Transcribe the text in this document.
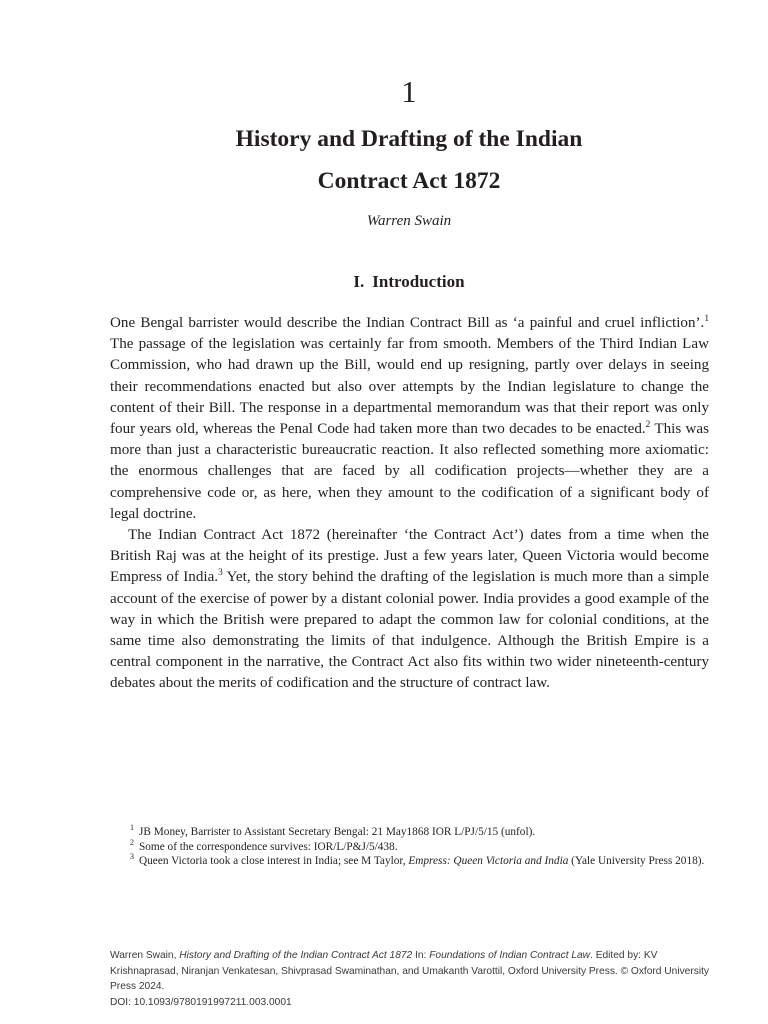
1
History and Drafting of the Indian
Contract Act 1872
Warren Swain
I. Introduction

One Bengal barrister would describe the Indian Contract Bill as ‘a painful and cruel infliction’.$^1$ The passage of the legislation was certainly far from smooth. Members of the Third Indian Law Commission, who had drawn up the Bill, would end up resigning, partly over delays in seeing their recommendations enacted but also over attempts by the Indian legislature to change the content of their Bill. The response in a departmental memorandum was that their report was only four years old, whereas the Penal Code had taken more than two decades to be enacted.$^2$ This was more than just a characteristic bureaucratic reaction. It also reflected something more axiomatic: the enormous challenges that are faced by all codification projects—whether they are a comprehensive code or, as here, when they amount to the codification of a significant body of legal doctrine.

The Indian Contract Act 1872 (hereinafter ‘the Contract Act’) dates from a time when the British Raj was at the height of its prestige. Just a few years later, Queen Victoria would become Empress of India.$^3$ Yet, the story behind the drafting of the legislation is much more than a simple account of the exercise of power by a distant colonial power. India provides a good example of the way in which the British were prepared to adapt the common law for colonial conditions, at the same time also demonstrating the limits of that indulgence. Although the British Empire is a central component in the narrative, the Contract Act also fits within two wider nineteenth-century debates about the merits of codification and the structure of contract law.

1 JB Money, Barrister to Assistant Secretary Bengal: 21 May1868 IOR L/PJ/5/15 (unfol).

2 Some of the correspondence survives: IOR/L/P&J/5/438.

3 Queen Victoria took a close interest in India; see M Taylor, Empress: Queen Victoria and India (Yale University Press 2018).

Warren Swain, History and Drafting of the Indian Contract Act 1872 In: Foundations of Indian Contract Law. Edited by: KV Krishnaprasad, Niranjan Venkatesan, Shivprasad Swaminathan, and Umakanth Varottil, Oxford University Press. © Oxford University Press 2024.
DOI: 10.1093/9780191997211.003.0001
